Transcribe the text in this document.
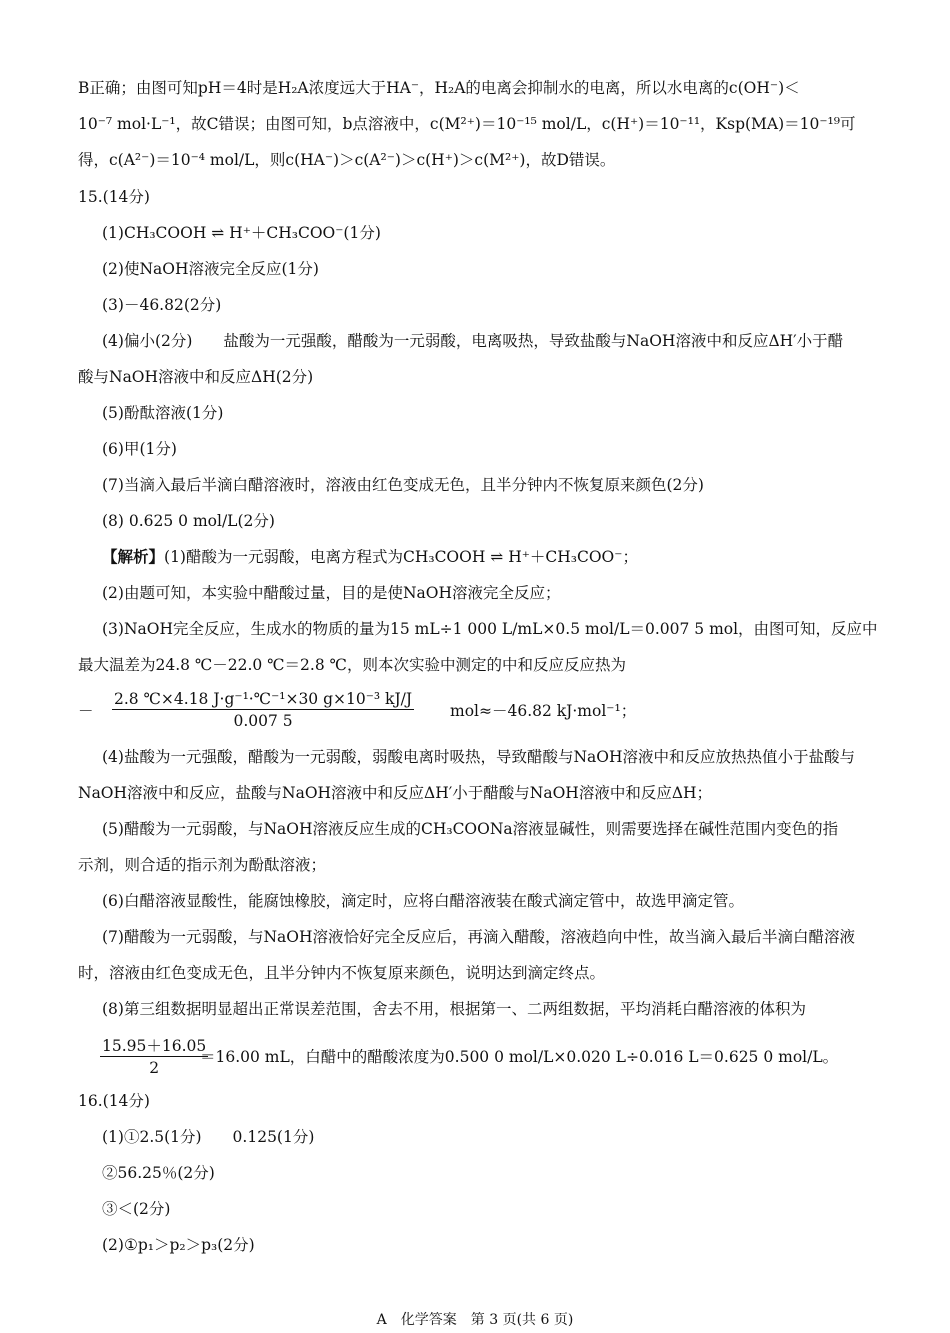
B正确；由图可知pH＝4时是H₂A浓度远大于HA⁻，H₂A的电离会抑制水的电离，所以水电离的c(OH⁻)＜
10⁻⁷ mol·L⁻¹，故C错误；由图可知，b点溶液中，c(M²⁺)＝10⁻¹⁵ mol/L，c(H⁺)＝10⁻¹¹，Ksp(MA)＝10⁻¹⁹可
得，c(A²⁻)＝10⁻⁴ mol/L，则c(HA⁻)＞c(A²⁻)＞c(H⁺)＞c(M²⁺)，故D错误。
15.(14分)
(1)CH₃COOH ⇌ H⁺＋CH₃COO⁻(1分)
(2)使NaOH溶液完全反应(1分)
(3)－46.82(2分)
(4)偏小(2分)　　盐酸为一元强酸，醋酸为一元弱酸，电离吸热，导致盐酸与NaOH溶液中和反应ΔH′小于醋
酸与NaOH溶液中和反应ΔH(2分)
(5)酚酞溶液(1分)
(6)甲(1分)
(7)当滴入最后半滴白醋溶液时，溶液由红色变成无色，且半分钟内不恢复原来颜色(2分)
(8) 0.625 0 mol/L(2分)
【解析】(1)醋酸为一元弱酸，电离方程式为CH₃COOH ⇌ H⁺＋CH₃COO⁻；
(2)由题可知，本实验中醋酸过量，目的是使NaOH溶液完全反应；
(3)NaOH完全反应，生成水的物质的量为15 mL÷1 000 L/mL×0.5 mol/L＝0.007 5 mol，由图可知，反应中
最大温差为24.8 ℃－22.0 ℃＝2.8 ℃，则本次实验中测定的中和反应反应热为
－ $\frac{\text{2.8 ℃×4.18 J·g⁻¹·℃⁻¹×30 g×10⁻³ kJ/J}}{0.007 5} mol\approx-46.82$ kJ·mol⁻¹；
(4)盐酸为一元强酸，醋酸为一元弱酸，弱酸电离时吸热，导致醋酸与NaOH溶液中和反应放热热值小于盐酸与
NaOH溶液中和反应，盐酸与NaOH溶液中和反应ΔH′小于醋酸与NaOH溶液中和反应ΔH；
(5)醋酸为一元弱酸，与NaOH溶液反应生成的CH₃COONa溶液显碱性，则需要选择在碱性范围内变色的指
示剂，则合适的指示剂为酚酞溶液；
(6)白醋溶液显酸性，能腐蚀橡胶，滴定时，应将白醋溶液装在酸式滴定管中，故选甲滴定管。
(7)醋酸为一元弱酸，与NaOH溶液恰好完全反应后，再滴入醋酸，溶液趋向中性，故当滴入最后半滴白醋溶液
时，溶液由红色变成无色，且半分钟内不恢复原来颜色，说明达到滴定终点。
(8)第三组数据明显超出正常误差范围，舍去不用，根据第一、二两组数据，平均消耗白醋溶液的体积为
$\frac{15.95+16.05}{2}$
＝16.00 mL，白醋中的醋酸浓度为0.500 0 mol/L×0.020 L÷0.016 L＝0.625 0 mol/L。
16.(14分)
(1)①2.5(1分)　　0.125(1分)
②56.25％(2分)
③＜(2分)
(2)①p₁＞p₂＞p₃(2分)
A　化学答案　第 3 页(共 6 页)
